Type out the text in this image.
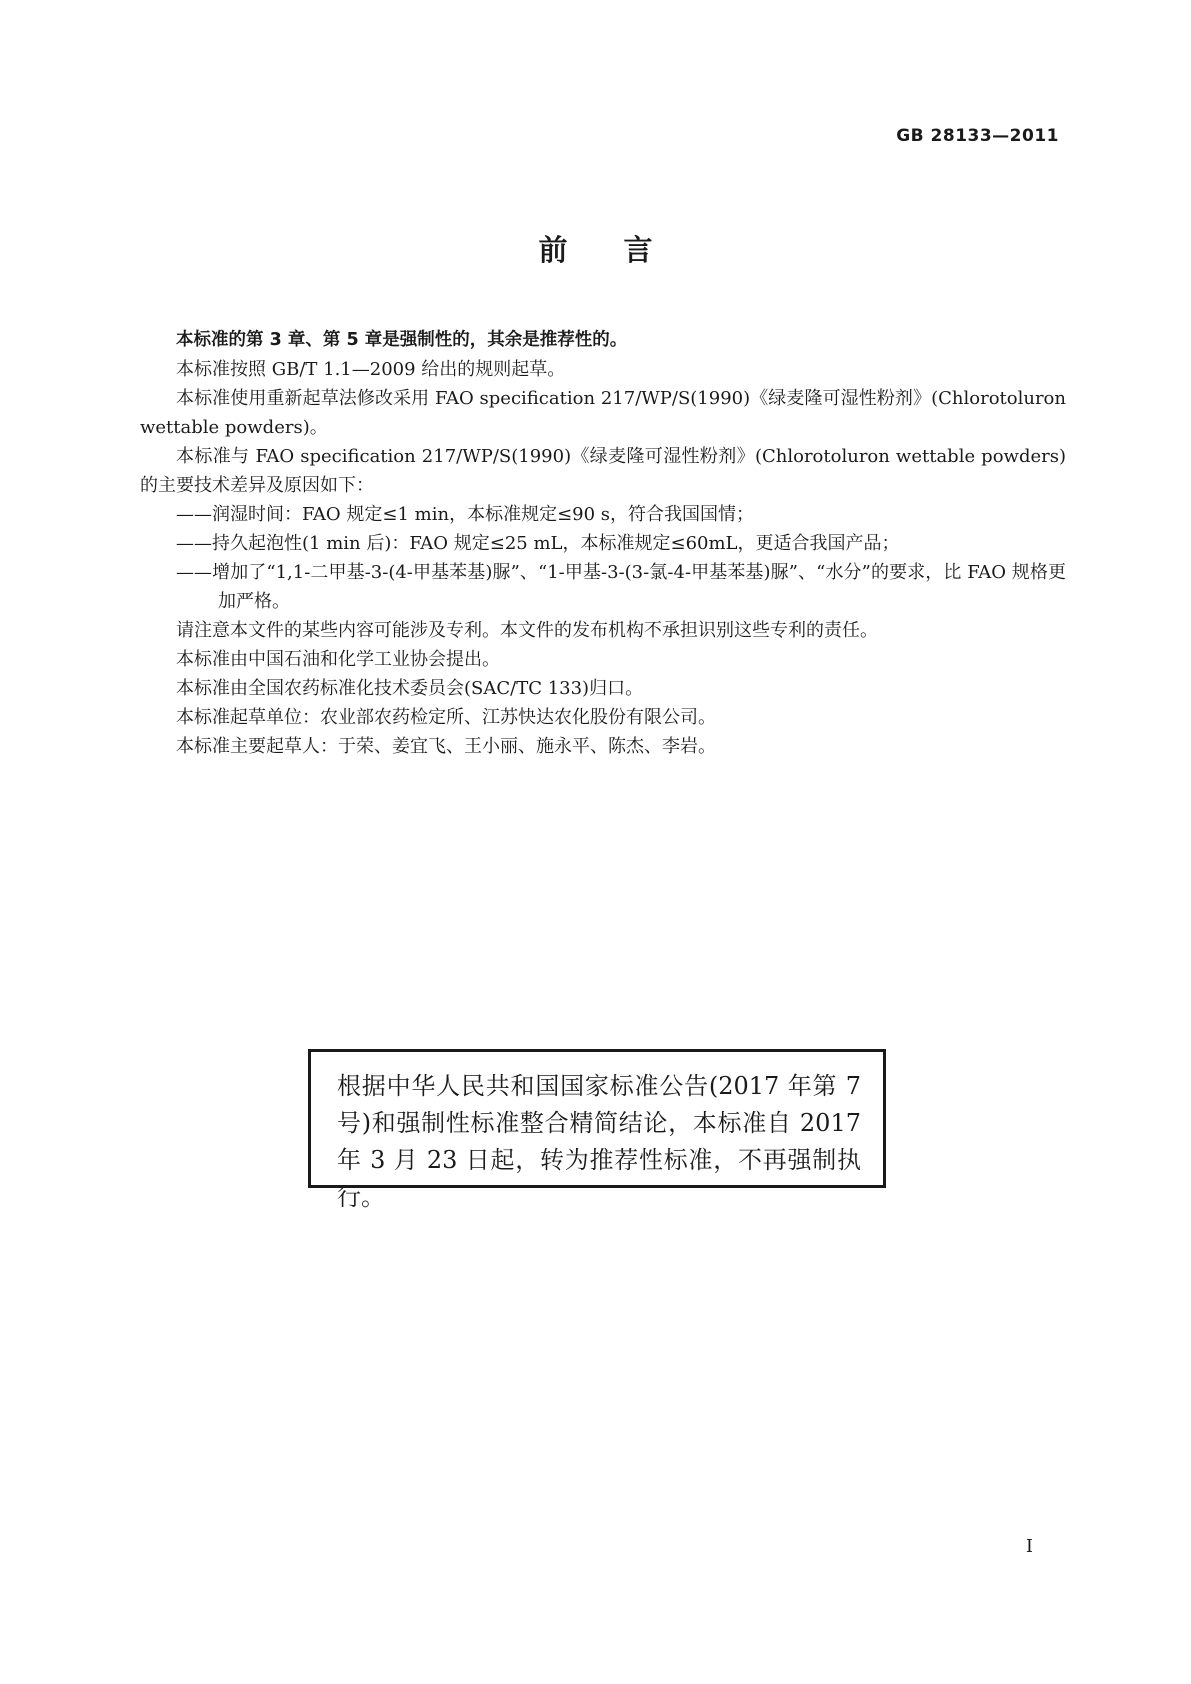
GB 28133—2011
前言

本标准的第 3 章、第 5 章是强制性的，其余是推荐性的。

本标准按照 GB/T 1.1—2009 给出的规则起草。

本标准使用重新起草法修改采用 FAO specification 217/WP/S(1990)《绿麦隆可湿性粉剂》(Chlorotoluron wettable powders)。

本标准与 FAO specification 217/WP/S(1990)《绿麦隆可湿性粉剂》(Chlorotoluron wettable powders)的主要技术差异及原因如下：

——润湿时间：FAO 规定≤1 min，本标准规定≤90 s，符合我国国情；

——持久起泡性(1 min 后)：FAO 规定≤25 mL，本标准规定≤60mL，更适合我国产品；

——增加了“1,1-二甲基-3-(4-甲基苯基)脲”、“1-甲基-3-(3-氯-4-甲基苯基)脲”、“水分”的要求，比 FAO 规格更加严格。

请注意本文件的某些内容可能涉及专利。本文件的发布机构不承担识别这些专利的责任。

本标准由中国石油和化学工业协会提出。

本标准由全国农药标准化技术委员会(SAC/TC 133)归口。

本标准起草单位：农业部农药检定所、江苏快达农化股份有限公司。

本标准主要起草人：于荣、姜宜飞、王小丽、施永平、陈杰、李岩。

根据中华人民共和国国家标准公告(2017 年第 7 号)和强制性标准整合精简结论，本标准自 2017 年 3 月 23 日起，转为推荐性标准，不再强制执行。
I
